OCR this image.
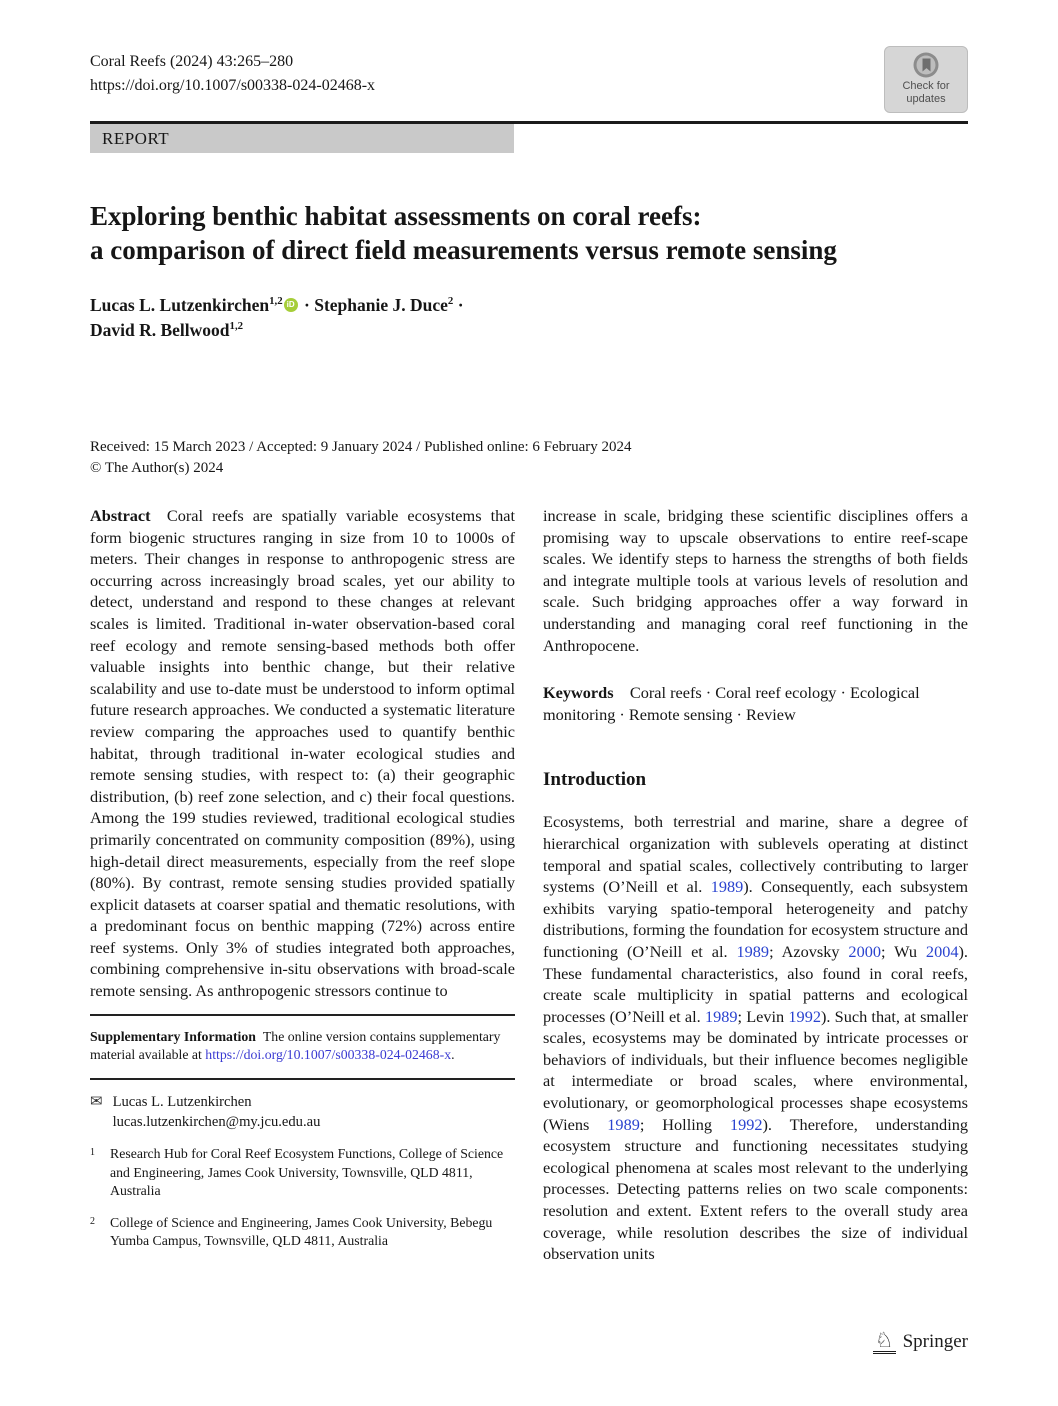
Coral Reefs (2024) 43:265–280
https://doi.org/10.1007/s00338-024-02468-x	Check for
updates
REPORT
Exploring benthic habitat assessments on coral reefs:
a comparison of direct field measurements versus remote sensing
Lucas L. Lutzenkirchen$^{1,2}$ iD · Stephanie J. Duce$^2$ ·
David R. Bellwood$^{1,2}$
Received: 15 March 2023 / Accepted: 9 January 2024 / Published online: 6 February 2024
© The Author(s) 2024

Abstract Coral reefs are spatially variable ecosystems that form biogenic structures ranging in size from 10 to 1000s of meters. Their changes in response to anthropogenic stress are occurring across increasingly broad scales, yet our ability to detect, understand and respond to these changes at relevant scales is limited. Traditional in-water observation-based coral reef ecology and remote sensing-based methods both offer valuable insights into benthic change, but their relative scalability and use to-date must be understood to inform optimal future research approaches. We conducted a systematic literature review comparing the approaches used to quantify benthic habitat, through traditional in-water ecological studies and remote sensing studies, with respect to: (a) their geographic distribution, (b) reef zone selection, and c) their focal questions. Among the 199 studies reviewed, traditional ecological studies primarily concentrated on community composition (89%), using high-detail direct measurements, especially from the reef slope (80%). By contrast, remote sensing studies provided spatially explicit datasets at coarser spatial and thematic resolutions, with a predominant focus on benthic mapping (72%) across entire reef systems. Only 3% of studies integrated both approaches, combining comprehensive in-situ observations with broad-scale remote sensing. As anthropogenic stressors continue to

Supplementary Information The online version contains supplementary material available at https://doi.org/10.1007/s00338-024-02468-x.

✉ Lucas L. Lutzenkirchen
lucas.lutzenkirchen@my.jcu.edu.au
1 Research Hub for Coral Reef Ecosystem Functions, College of Science and Engineering, James Cook University, Townsville, QLD 4811, Australia
2 College of Science and Engineering, James Cook University, Bebegu Yumba Campus, Townsville, QLD 4811, Australia

increase in scale, bridging these scientific disciplines offers a promising way to upscale observations to entire reef-scape scales. We identify steps to harness the strengths of both fields and integrate multiple tools at various levels of resolution and scale. Such bridging approaches offer a way forward in understanding and managing coral reef functioning in the Anthropocene.

Keywords Coral reefs · Coral reef ecology · Ecological monitoring · Remote sensing · Review

Introduction

Ecosystems, both terrestrial and marine, share a degree of hierarchical organization with sublevels operating at distinct temporal and spatial scales, collectively contributing to larger systems (O’Neill et al. 1989). Consequently, each subsystem exhibits varying spatio-temporal heterogeneity and patchy distributions, forming the foundation for ecosystem structure and functioning (O’Neill et al. 1989; Azovsky 2000; Wu 2004). These fundamental characteristics, also found in coral reefs, create scale multiplicity in spatial patterns and ecological processes (O’Neill et al. 1989; Levin 1992). Such that, at smaller scales, ecosystems may be dominated by intricate processes or behaviors of individuals, but their influence becomes negligible at intermediate or broad scales, where environmental, evolutionary, or geomorphological processes shape ecosystems (Wiens 1989; Holling 1992). Therefore, understanding ecosystem structure and functioning necessitates studying ecological phenomena at scales most relevant to the underlying processes. Detecting patterns relies on two scale components: resolution and extent. Extent refers to the overall study area coverage, while resolution describes the size of individual observation units

♘ Springer
